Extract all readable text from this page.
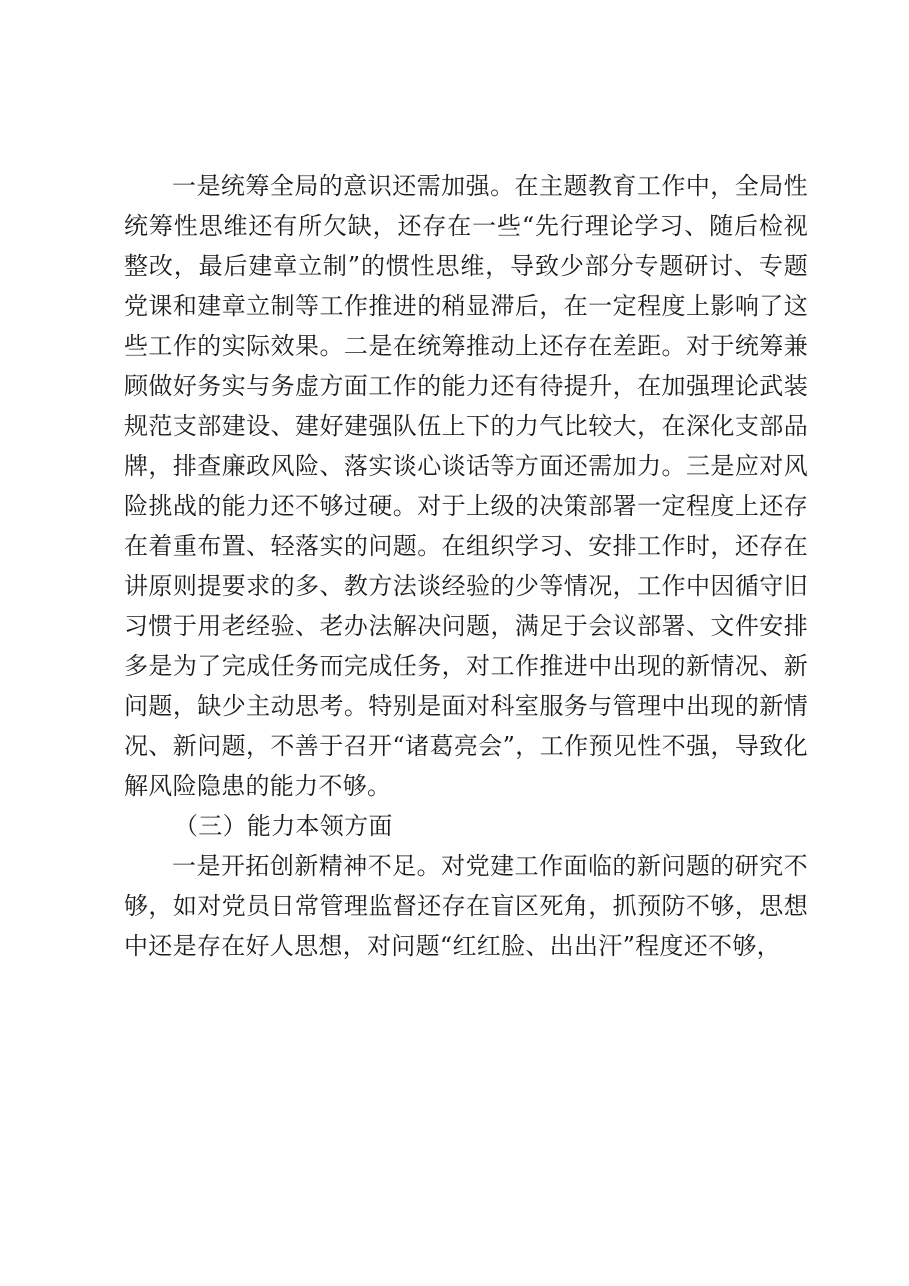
一是统筹全局的意识还需加强。在主题教育工作中，全局性统筹性思维还有所欠缺，还存在一些“先行理论学习、随后检视整改，最后建章立制”的惯性思维，导致少部分专题研讨、专题党课和建章立制等工作推进的稍显滞后，在一定程度上影响了这些工作的实际效果。二是在统筹推动上还存在差距。对于统筹兼顾做好务实与务虚方面工作的能力还有待提升，在加强理论武装规范支部建设、建好建强队伍上下的力气比较大，在深化支部品牌，排查廉政风险、落实谈心谈话等方面还需加力。三是应对风险挑战的能力还不够过硬。对于上级的决策部署一定程度上还存在着重布置、轻落实的问题。在组织学习、安排工作时，还存在讲原则提要求的多、教方法谈经验的少等情况，工作中因循守旧习惯于用老经验、老办法解决问题，满足于会议部署、文件安排多是为了完成任务而完成任务，对工作推进中出现的新情况、新问题，缺少主动思考。特别是面对科室服务与管理中出现的新情况、新问题，不善于召开“诸葛亮会”，工作预见性不强，导致化解风险隐患的能力不够。

（三）能力本领方面

一是开拓创新精神不足。对党建工作面临的新问题的研究不够，如对党员日常管理监督还存在盲区死角，抓预防不够，思想中还是存在好人思想，对问题“红红脸、出出汗”程度还不够，
